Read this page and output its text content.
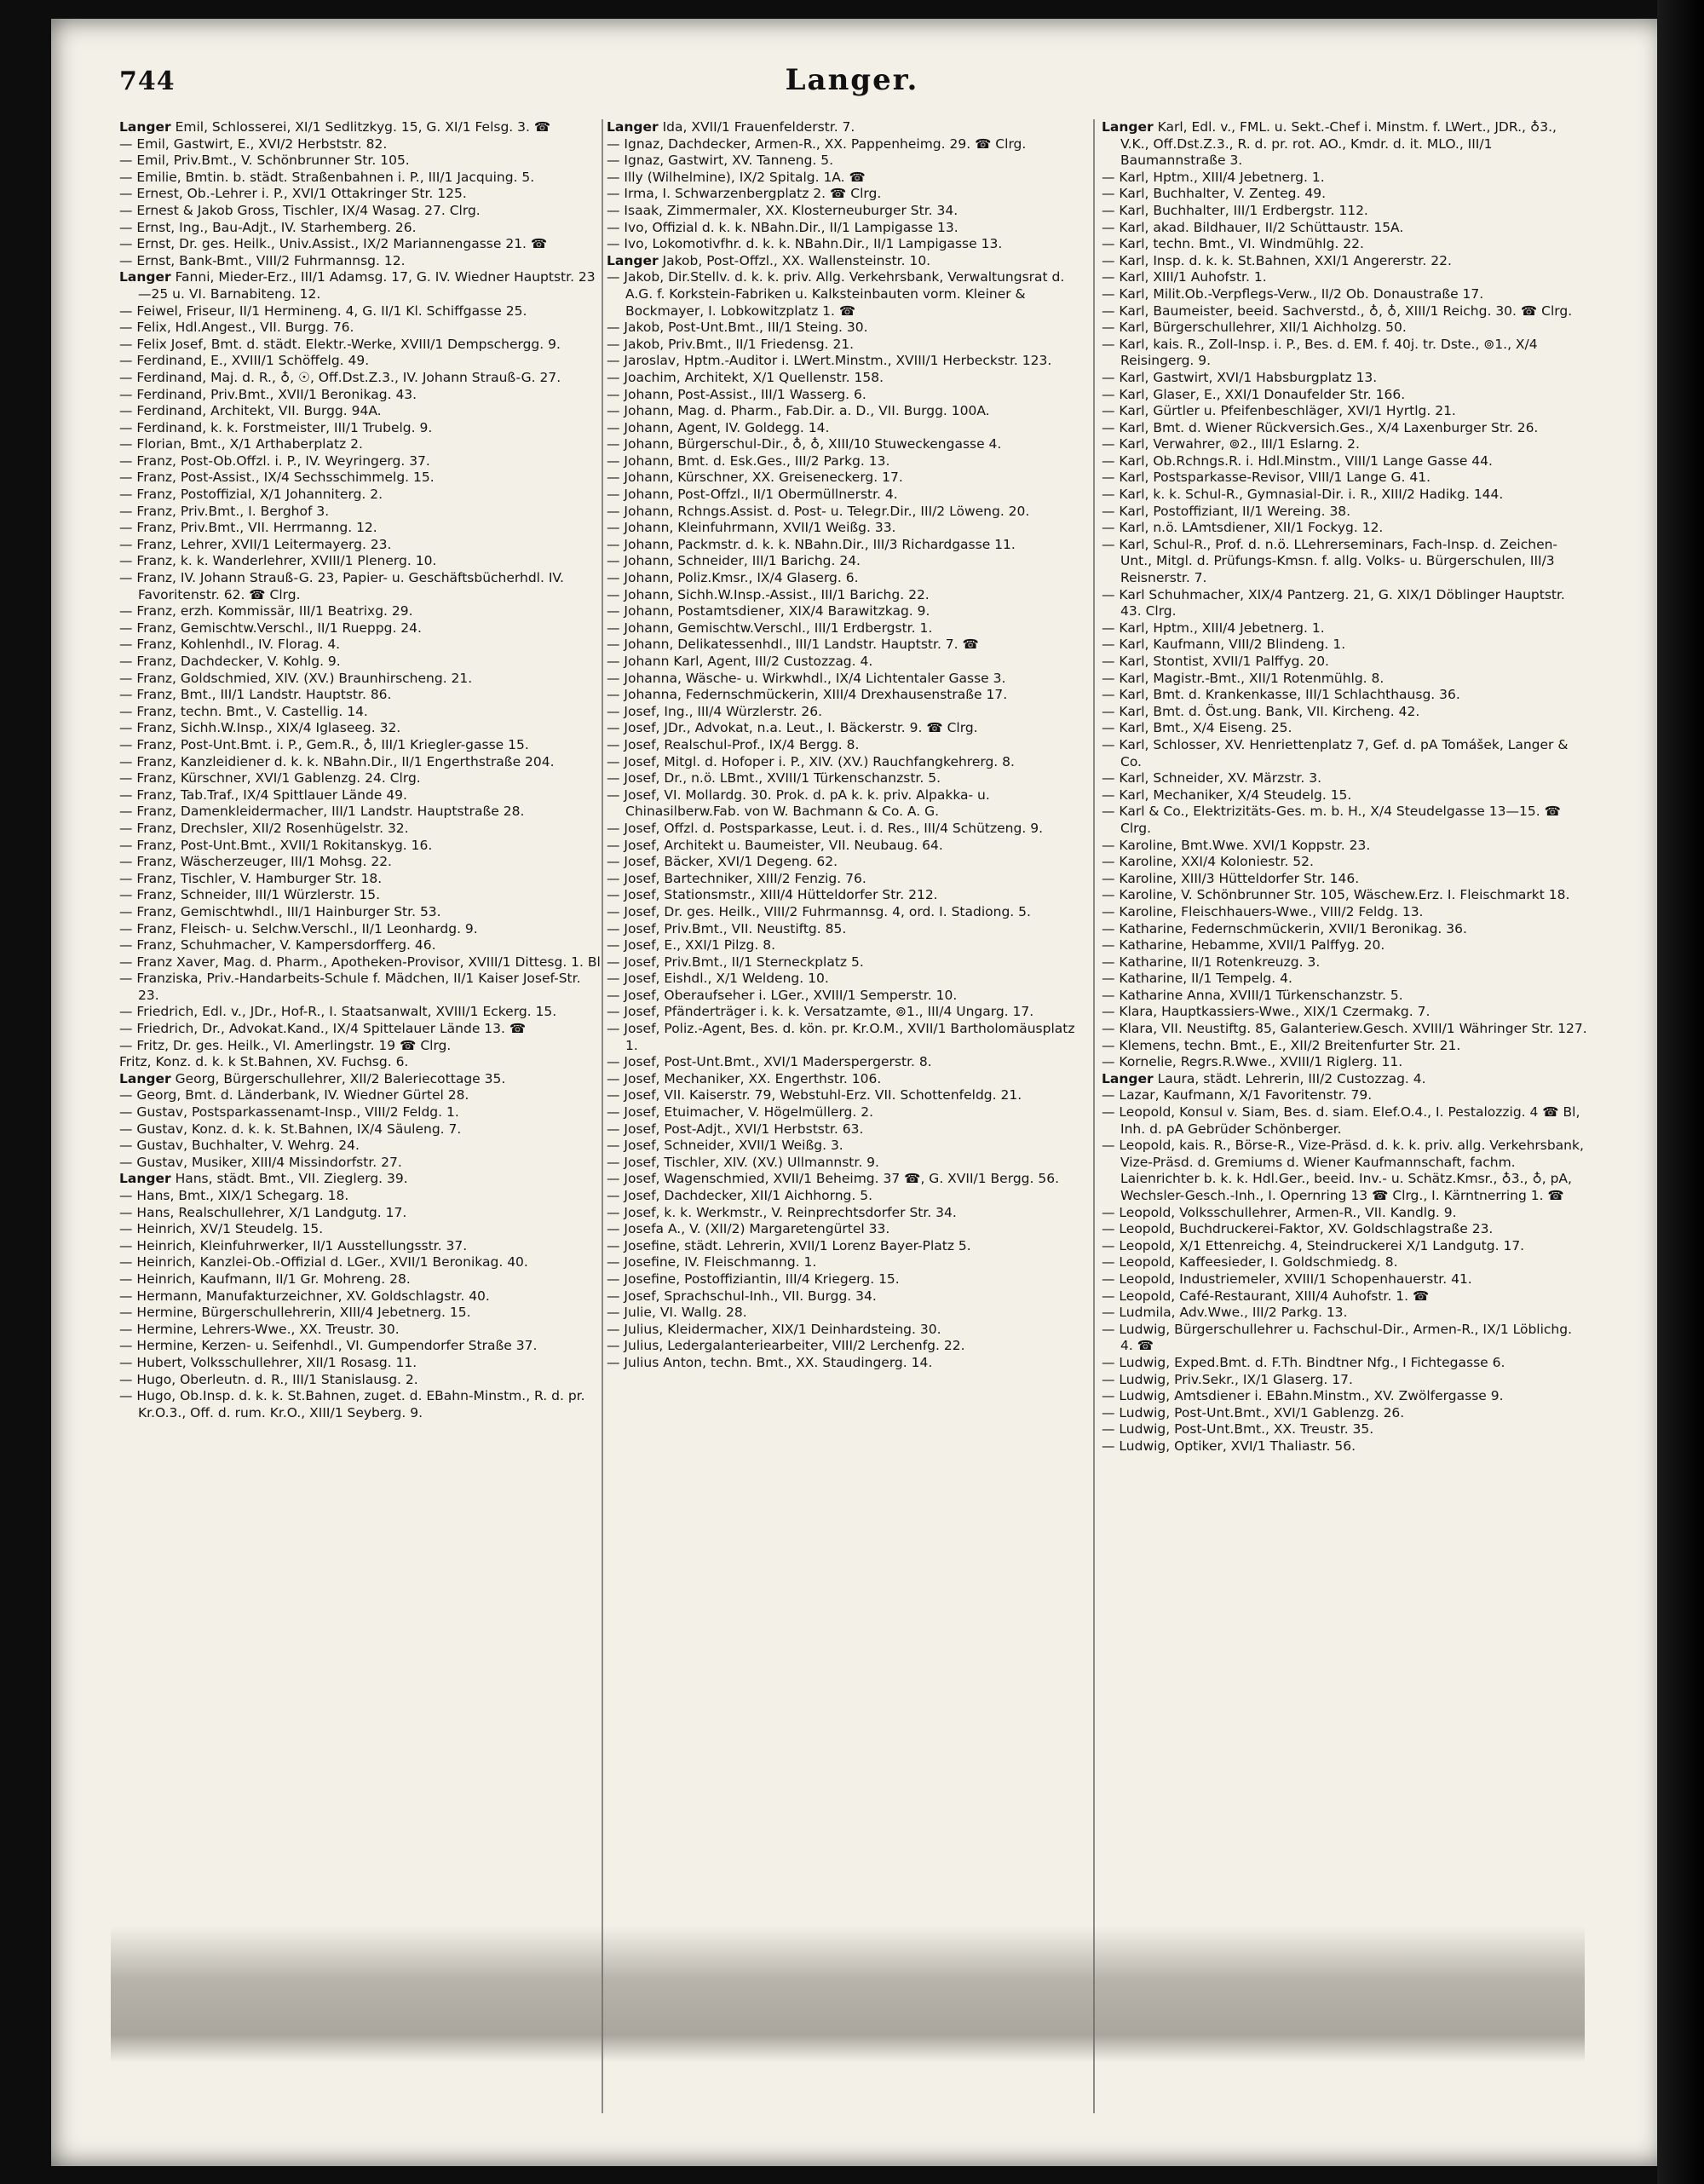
744	Langer.

Langer Emil, Schlosserei, XI/1 Sedlitzkyg. 15, G. XI/1 Felsg. 3. ☎

— Emil, Gastwirt, E., XVI/2 Herbststr. 82.

— Emil, Priv.Bmt., V. Schönbrunner Str. 105.

— Emilie, Bmtin. b. städt. Straßenbahnen i. P., III/1 Jacquing. 5.

— Ernest, Ob.-Lehrer i. P., XVI/1 Ottakringer Str. 125.

— Ernest & Jakob Gross, Tischler, IX/4 Wasag. 27. Clrg.

— Ernst, Ing., Bau-Adjt., IV. Starhemberg. 26.

— Ernst, Dr. ges. Heilk., Univ.Assist., IX/2 Mariannengasse 21. ☎

— Ernst, Bank-Bmt., VIII/2 Fuhrmannsg. 12.

Langer Fanni, Mieder-Erz., III/1 Adamsg. 17, G. IV. Wiedner Hauptstr. 23—25 u. VI. Barnabiteng. 12.

— Feiwel, Friseur, II/1 Hermineng. 4, G. II/1 Kl. Schiffgasse 25.

— Felix, Hdl.Angest., VII. Burgg. 76.

— Felix Josef, Bmt. d. städt. Elektr.-Werke, XVIII/1 Dempschergg. 9.

— Ferdinand, E., XVIII/1 Schöffelg. 49.

— Ferdinand, Maj. d. R., ♁, ☉, Off.Dst.Z.3., IV. Johann Strauß-G. 27.

— Ferdinand, Priv.Bmt., XVII/1 Beronikag. 43.

— Ferdinand, Architekt, VII. Burgg. 94A.

— Ferdinand, k. k. Forstmeister, III/1 Trubelg. 9.

— Florian, Bmt., X/1 Arthaberplatz 2.

— Franz, Post-Ob.Offzl. i. P., IV. Weyringerg. 37.

— Franz, Post-Assist., IX/4 Sechsschimmelg. 15.

— Franz, Postoffizial, X/1 Johanniterg. 2.

— Franz, Priv.Bmt., I. Berghof 3.

— Franz, Priv.Bmt., VII. Herrmanng. 12.

— Franz, Lehrer, XVII/1 Leitermayerg. 23.

— Franz, k. k. Wanderlehrer, XVIII/1 Plenerg. 10.

— Franz, IV. Johann Strauß-G. 23, Papier- u. Geschäftsbücherhdl. IV. Favoritenstr. 62. ☎ Clrg.

— Franz, erzh. Kommissär, III/1 Beatrixg. 29.

— Franz, Gemischtw.Verschl., II/1 Rueppg. 24.

— Franz, Kohlenhdl., IV. Florag. 4.

— Franz, Dachdecker, V. Kohlg. 9.

— Franz, Goldschmied, XIV. (XV.) Braunhirscheng. 21.

— Franz, Bmt., III/1 Landstr. Hauptstr. 86.

— Franz, techn. Bmt., V. Castellig. 14.

— Franz, Sichh.W.Insp., XIX/4 Iglaseeg. 32.

— Franz, Post-Unt.Bmt. i. P., Gem.R., ♁, III/1 Kriegler-gasse 15.

— Franz, Kanzleidiener d. k. k. NBahn.Dir., II/1 Engerthstraße 204.

— Franz, Kürschner, XVI/1 Gablenzg. 24. Clrg.

— Franz, Tab.Traf., IX/4 Spittlauer Lände 49.

— Franz, Damenkleidermacher, III/1 Landstr. Hauptstraße 28.

— Franz, Drechsler, XII/2 Rosenhügelstr. 32.

— Franz, Post-Unt.Bmt., XVII/1 Rokitanskyg. 16.

— Franz, Wäscherzeuger, III/1 Mohsg. 22.

— Franz, Tischler, V. Hamburger Str. 18.

— Franz, Schneider, III/1 Würzlerstr. 15.

— Franz, Gemischtwhdl., III/1 Hainburger Str. 53.

— Franz, Fleisch- u. Selchw.Verschl., II/1 Leonhardg. 9.

— Franz, Schuhmacher, V. Kampersdorfferg. 46.

— Franz Xaver, Mag. d. Pharm., Apotheken-Provisor, XVIII/1 Dittesg. 1. Bl

— Franziska, Priv.-Handarbeits-Schule f. Mädchen, II/1 Kaiser Josef-Str. 23.

— Friedrich, Edl. v., JDr., Hof-R., I. Staatsanwalt, XVIII/1 Eckerg. 15.

— Friedrich, Dr., Advokat.Kand., IX/4 Spittelauer Lände 13. ☎

— Fritz, Dr. ges. Heilk., VI. Amerlingstr. 19 ☎ Clrg.

Fritz, Konz. d. k. k St.Bahnen, XV. Fuchsg. 6.

Langer Georg, Bürgerschullehrer, XII/2 Baleriecottage 35.

— Georg, Bmt. d. Länderbank, IV. Wiedner Gürtel 28.

— Gustav, Postsparkassenamt-Insp., VIII/2 Feldg. 1.

— Gustav, Konz. d. k. k. St.Bahnen, IX/4 Säuleng. 7.

— Gustav, Buchhalter, V. Wehrg. 24.

— Gustav, Musiker, XIII/4 Missindorfstr. 27.

Langer Hans, städt. Bmt., VII. Zieglerg. 39.

— Hans, Bmt., XIX/1 Schegarg. 18.

— Hans, Realschullehrer, X/1 Landgutg. 17.

— Heinrich, XV/1 Steudelg. 15.

— Heinrich, Kleinfuhrwerker, II/1 Ausstellungsstr. 37.

— Heinrich, Kanzlei-Ob.-Offizial d. LGer., XVII/1 Beronikag. 40.

— Heinrich, Kaufmann, II/1 Gr. Mohreng. 28.

— Hermann, Manufakturzeichner, XV. Goldschlagstr. 40.

— Hermine, Bürgerschullehrerin, XIII/4 Jebetnerg. 15.

— Hermine, Lehrers-Wwe., XX. Treustr. 30.

— Hermine, Kerzen- u. Seifenhdl., VI. Gumpendorfer Straße 37.

— Hubert, Volksschullehrer, XII/1 Rosasg. 11.

— Hugo, Oberleutn. d. R., III/1 Stanislausg. 2.

— Hugo, Ob.Insp. d. k. k. St.Bahnen, zuget. d. EBahn-Minstm., R. d. pr. Kr.O.3., Off. d. rum. Kr.O., XIII/1 Seyberg. 9.

Langer Ida, XVII/1 Frauenfelderstr. 7.

— Ignaz, Dachdecker, Armen-R., XX. Pappenheimg. 29. ☎ Clrg.

— Ignaz, Gastwirt, XV. Tanneng. 5.

— Illy (Wilhelmine), IX/2 Spitalg. 1A. ☎

— Irma, I. Schwarzenbergplatz 2. ☎ Clrg.

— Isaak, Zimmermaler, XX. Klosterneuburger Str. 34.

— Ivo, Offizial d. k. k. NBahn.Dir., II/1 Lampigasse 13.

— Ivo, Lokomotivfhr. d. k. k. NBahn.Dir., II/1 Lampigasse 13.

Langer Jakob, Post-Offzl., XX. Wallensteinstr. 10.

— Jakob, Dir.Stellv. d. k. k. priv. Allg. Verkehrsbank, Verwaltungsrat d. A.G. f. Korkstein-Fabriken u. Kalksteinbauten vorm. Kleiner & Bockmayer, I. Lobkowitzplatz 1. ☎

— Jakob, Post-Unt.Bmt., III/1 Steing. 30.

— Jakob, Priv.Bmt., II/1 Friedensg. 21.

— Jaroslav, Hptm.-Auditor i. LWert.Minstm., XVIII/1 Herbeckstr. 123.

— Joachim, Architekt, X/1 Quellenstr. 158.

— Johann, Post-Assist., III/1 Wasserg. 6.

— Johann, Mag. d. Pharm., Fab.Dir. a. D., VII. Burgg. 100A.

— Johann, Agent, IV. Goldegg. 14.

— Johann, Bürgerschul-Dir., ♁, ♁, XIII/10 Stuweckengasse 4.

— Johann, Bmt. d. Esk.Ges., III/2 Parkg. 13.

— Johann, Kürschner, XX. Greiseneckerg. 17.

— Johann, Post-Offzl., II/1 Obermüllnerstr. 4.

— Johann, Rchngs.Assist. d. Post- u. Telegr.Dir., III/2 Löweng. 20.

— Johann, Kleinfuhrmann, XVII/1 Weißg. 33.

— Johann, Packmstr. d. k. k. NBahn.Dir., III/3 Richardgasse 11.

— Johann, Schneider, III/1 Barichg. 24.

— Johann, Poliz.Kmsr., IX/4 Glaserg. 6.

— Johann, Sichh.W.Insp.-Assist., III/1 Barichg. 22.

— Johann, Postamtsdiener, XIX/4 Barawitzkag. 9.

— Johann, Gemischtw.Verschl., III/1 Erdbergstr. 1.

— Johann, Delikatessenhdl., III/1 Landstr. Hauptstr. 7. ☎

— Johann Karl, Agent, III/2 Custozzag. 4.

— Johanna, Wäsche- u. Wirkwhdl., IX/4 Lichtentaler Gasse 3.

— Johanna, Federnschmückerin, XIII/4 Drexhausenstraße 17.

— Josef, Ing., III/4 Würzlerstr. 26.

— Josef, JDr., Advokat, n.a. Leut., I. Bäckerstr. 9. ☎ Clrg.

— Josef, Realschul-Prof., IX/4 Bergg. 8.

— Josef, Mitgl. d. Hofoper i. P., XIV. (XV.) Rauchfangkehrerg. 8.

— Josef, Dr., n.ö. LBmt., XVIII/1 Türkenschanzstr. 5.

— Josef, VI. Mollardg. 30. Prok. d. pA k. k. priv. Alpakka- u. Chinasilberw.Fab. von W. Bachmann & Co. A. G.

— Josef, Offzl. d. Postsparkasse, Leut. i. d. Res., III/4 Schützeng. 9.

— Josef, Architekt u. Baumeister, VII. Neubaug. 64.

— Josef, Bäcker, XVI/1 Degeng. 62.

— Josef, Bartechniker, XIII/2 Fenzig. 76.

— Josef, Stationsmstr., XIII/4 Hütteldorfer Str. 212.

— Josef, Dr. ges. Heilk., VIII/2 Fuhrmannsg. 4, ord. I. Stadiong. 5.

— Josef, Priv.Bmt., VII. Neustiftg. 85.

— Josef, E., XXI/1 Pilzg. 8.

— Josef, Priv.Bmt., II/1 Sterneckplatz 5.

— Josef, Eishdl., X/1 Weldeng. 10.

— Josef, Oberaufseher i. LGer., XVIII/1 Semperstr. 10.

— Josef, Pfänderträger i. k. k. Versatzamte, ⊚1., III/4 Ungarg. 17.

— Josef, Poliz.-Agent, Bes. d. kön. pr. Kr.O.M., XVII/1 Bartholomäusplatz 1.

— Josef, Post-Unt.Bmt., XVI/1 Maderspergerstr. 8.

— Josef, Mechaniker, XX. Engerthstr. 106.

— Josef, VII. Kaiserstr. 79, Webstuhl-Erz. VII. Schottenfeldg. 21.

— Josef, Etuimacher, V. Högelmüllerg. 2.

— Josef, Post-Adjt., XVI/1 Herbststr. 63.

— Josef, Schneider, XVII/1 Weißg. 3.

— Josef, Tischler, XIV. (XV.) Ullmannstr. 9.

— Josef, Wagenschmied, XVII/1 Beheimg. 37 ☎, G. XVII/1 Bergg. 56.

— Josef, Dachdecker, XII/1 Aichhorng. 5.

— Josef, k. k. Werkmstr., V. Reinprechtsdorfer Str. 34.

— Josefa A., V. (XII/2) Margaretengürtel 33.

— Josefine, städt. Lehrerin, XVII/1 Lorenz Bayer-Platz 5.

— Josefine, IV. Fleischmanng. 1.

— Josefine, Postoffiziantin, III/4 Kriegerg. 15.

— Josef, Sprachschul-Inh., VII. Burgg. 34.

— Julie, VI. Wallg. 28.

— Julius, Kleidermacher, XIX/1 Deinhardsteing. 30.

— Julius, Ledergalanteriearbeiter, VIII/2 Lerchenfg. 22.

— Julius Anton, techn. Bmt., XX. Staudingerg. 14.

Langer Karl, Edl. v., FML. u. Sekt.-Chef i. Minstm. f. LWert., JDR., ♁3., V.K., Off.Dst.Z.3., R. d. pr. rot. AO., Kmdr. d. it. MLO., III/1 Baumannstraße 3.

— Karl, Hptm., XIII/4 Jebetnerg. 1.

— Karl, Buchhalter, V. Zenteg. 49.

— Karl, Buchhalter, III/1 Erdbergstr. 112.

— Karl, akad. Bildhauer, II/2 Schüttaustr. 15A.

— Karl, techn. Bmt., VI. Windmühlg. 22.

— Karl, Insp. d. k. k. St.Bahnen, XXI/1 Angererstr. 22.

— Karl, XIII/1 Auhofstr. 1.

— Karl, Milit.Ob.-Verpflegs-Verw., II/2 Ob. Donaustraße 17.

— Karl, Baumeister, beeid. Sachverstd., ♁, ♁, XIII/1 Reichg. 30. ☎ Clrg.

— Karl, Bürgerschullehrer, XII/1 Aichholzg. 50.

— Karl, kais. R., Zoll-Insp. i. P., Bes. d. EM. f. 40j. tr. Dste., ⊚1., X/4 Reisingerg. 9.

— Karl, Gastwirt, XVI/1 Habsburgplatz 13.

— Karl, Glaser, E., XXI/1 Donaufelder Str. 166.

— Karl, Gürtler u. Pfeifenbeschläger, XVI/1 Hyrtlg. 21.

— Karl, Bmt. d. Wiener Rückversich.Ges., X/4 Laxenburger Str. 26.

— Karl, Verwahrer, ⊚2., III/1 Eslarng. 2.

— Karl, Ob.Rchngs.R. i. Hdl.Minstm., VIII/1 Lange Gasse 44.

— Karl, Postsparkasse-Revisor, VIII/1 Lange G. 41.

— Karl, k. k. Schul-R., Gymnasial-Dir. i. R., XIII/2 Hadikg. 144.

— Karl, Postoffiziant, II/1 Wereing. 38.

— Karl, n.ö. LAmtsdiener, XII/1 Fockyg. 12.

— Karl, Schul-R., Prof. d. n.ö. LLehrerseminars, Fach-Insp. d. Zeichen-Unt., Mitgl. d. Prüfungs-Kmsn. f. allg. Volks- u. Bürgerschulen, III/3 Reisnerstr. 7.

— Karl Schuhmacher, XIX/4 Pantzerg. 21, G. XIX/1 Döblinger Hauptstr. 43. Clrg.

— Karl, Hptm., XIII/4 Jebetnerg. 1.

— Karl, Kaufmann, VIII/2 Blindeng. 1.

— Karl, Stontist, XVII/1 Palffyg. 20.

— Karl, Magistr.-Bmt., XII/1 Rotenmühlg. 8.

— Karl, Bmt. d. Krankenkasse, III/1 Schlachthausg. 36.

— Karl, Bmt. d. Öst.ung. Bank, VII. Kircheng. 42.

— Karl, Bmt., X/4 Eiseng. 25.

— Karl, Schlosser, XV. Henriettenplatz 7, Gef. d. pA Tomášek, Langer & Co.

— Karl, Schneider, XV. Märzstr. 3.

— Karl, Mechaniker, X/4 Steudelg. 15.

— Karl & Co., Elektrizitäts-Ges. m. b. H., X/4 Steudelgasse 13—15. ☎ Clrg.

— Karoline, Bmt.Wwe. XVI/1 Koppstr. 23.

— Karoline, XXI/4 Koloniestr. 52.

— Karoline, XIII/3 Hütteldorfer Str. 146.

— Karoline, V. Schönbrunner Str. 105, Wäschew.Erz. I. Fleischmarkt 18.

— Karoline, Fleischhauers-Wwe., VIII/2 Feldg. 13.

— Katharine, Federnschmückerin, XVII/1 Beronikag. 36.

— Katharine, Hebamme, XVII/1 Palffyg. 20.

— Katharine, II/1 Rotenkreuzg. 3.

— Katharine, II/1 Tempelg. 4.

— Katharine Anna, XVIII/1 Türkenschanzstr. 5.

— Klara, Hauptkassiers-Wwe., XIX/1 Czermakg. 7.

— Klara, VII. Neustiftg. 85, Galanteriew.Gesch. XVIII/1 Währinger Str. 127.

— Klemens, techn. Bmt., E., XII/2 Breitenfurter Str. 21.

— Kornelie, Regrs.R.Wwe., XVIII/1 Riglerg. 11.

Langer Laura, städt. Lehrerin, III/2 Custozzag. 4.

— Lazar, Kaufmann, X/1 Favoritenstr. 79.

— Leopold, Konsul v. Siam, Bes. d. siam. Elef.O.4., I. Pestalozzig. 4 ☎ Bl, Inh. d. pA Gebrüder Schönberger.

— Leopold, kais. R., Börse-R., Vize-Präsd. d. k. k. priv. allg. Verkehrsbank, Vize-Präsd. d. Gremiums d. Wiener Kaufmannschaft, fachm. Laienrichter b. k. k. Hdl.Ger., beeid. Inv.- u. Schätz.Kmsr., ♁3., ♁, pA, Wechsler-Gesch.-Inh., I. Opernring 13 ☎ Clrg., I. Kärntnerring 1. ☎

— Leopold, Volksschullehrer, Armen-R., VII. Kandlg. 9.

— Leopold, Buchdruckerei-Faktor, XV. Goldschlagstraße 23.

— Leopold, X/1 Ettenreichg. 4, Steindruckerei X/1 Landgutg. 17.

— Leopold, Kaffeesieder, I. Goldschmiedg. 8.

— Leopold, Industriemeler, XVIII/1 Schopenhauerstr. 41.

— Leopold, Café-Restaurant, XIII/4 Auhofstr. 1. ☎

— Ludmila, Adv.Wwe., III/2 Parkg. 13.

— Ludwig, Bürgerschullehrer u. Fachschul-Dir., Armen-R., IX/1 Löblichg. 4. ☎

— Ludwig, Exped.Bmt. d. F.Th. Bindtner Nfg., I Fichtegasse 6.

— Ludwig, Priv.Sekr., IX/1 Glaserg. 17.

— Ludwig, Amtsdiener i. EBahn.Minstm., XV. Zwölfergasse 9.

— Ludwig, Post-Unt.Bmt., XVI/1 Gablenzg. 26.

— Ludwig, Post-Unt.Bmt., XX. Treustr. 35.

— Ludwig, Optiker, XVI/1 Thaliastr. 56.
